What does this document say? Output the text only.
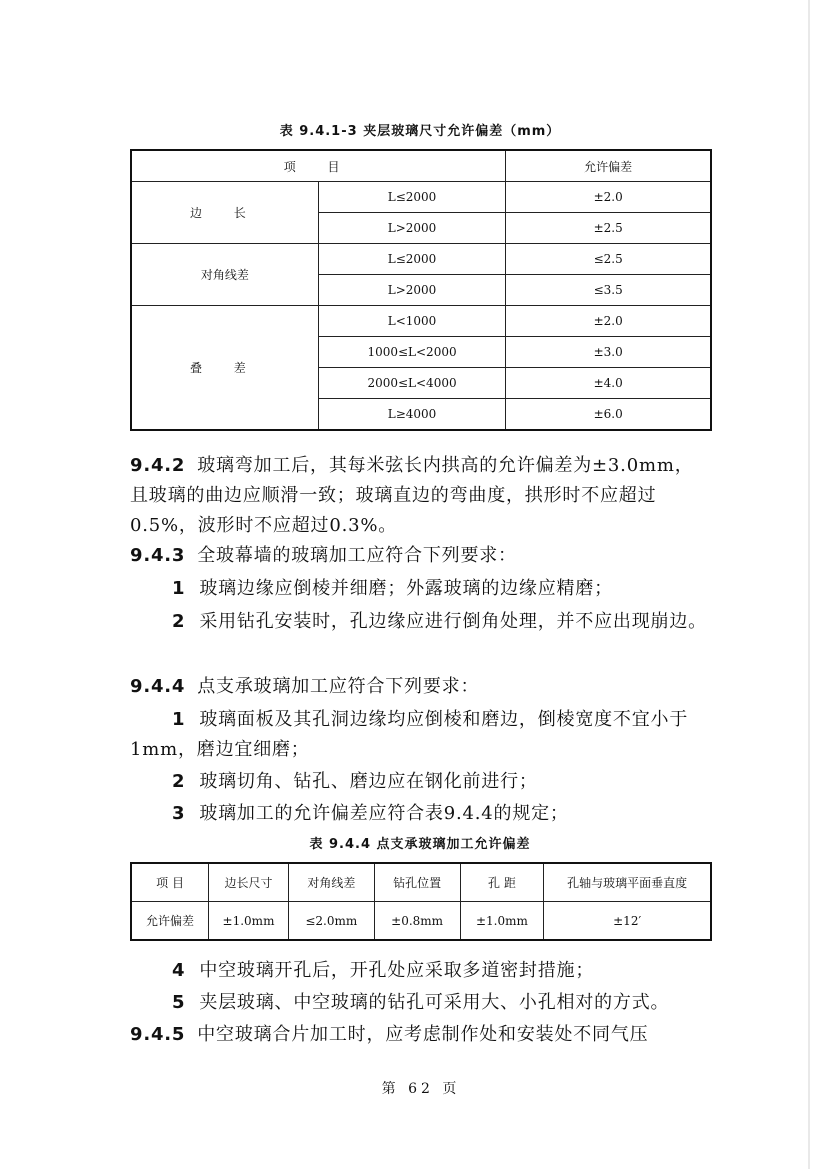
表 9.4.1-3 夹层玻璃尺寸允许偏差（mm）
项 目		允许偏差
边 长	L≤2000	±2.0
	L>2000	±2.5
对角线差	L≤2000	≤2.5
	L>2000	≤3.5
叠 差	L<1000	±2.0
	1000≤L<2000	±3.0
	2000≤L<4000	±4.0
	L≥4000	±6.0
9.4.2 玻璃弯加工后，其每米弦长内拱高的允许偏差为±3.0mm，且玻璃的曲边应顺滑一致；玻璃直边的弯曲度，拱形时不应超过0.5%，波形时不应超过0.3%。
9.4.3 全玻幕墙的玻璃加工应符合下列要求：
1 玻璃边缘应倒棱并细磨；外露玻璃的边缘应精磨；
2 采用钻孔安装时，孔边缘应进行倒角处理，并不应出现崩边。
9.4.4 点支承玻璃加工应符合下列要求：
1 玻璃面板及其孔洞边缘均应倒棱和磨边，倒棱宽度不宜小于1mm，磨边宜细磨；
2 玻璃切角、钻孔、磨边应在钢化前进行；
3 玻璃加工的允许偏差应符合表9.4.4的规定；
表 9.4.4 点支承玻璃加工允许偏差
项 目	边长尺寸	对角线差	钻孔位置	孔 距	孔轴与玻璃平面垂直度
允许偏差	±1.0mm	≤2.0mm	±0.8mm	±1.0mm	±12′
4 中空玻璃开孔后，开孔处应采取多道密封措施；
5 夹层玻璃、中空玻璃的钻孔可采用大、小孔相对的方式。
9.4.5 中空玻璃合片加工时，应考虑制作处和安装处不同气压
第 62 页
